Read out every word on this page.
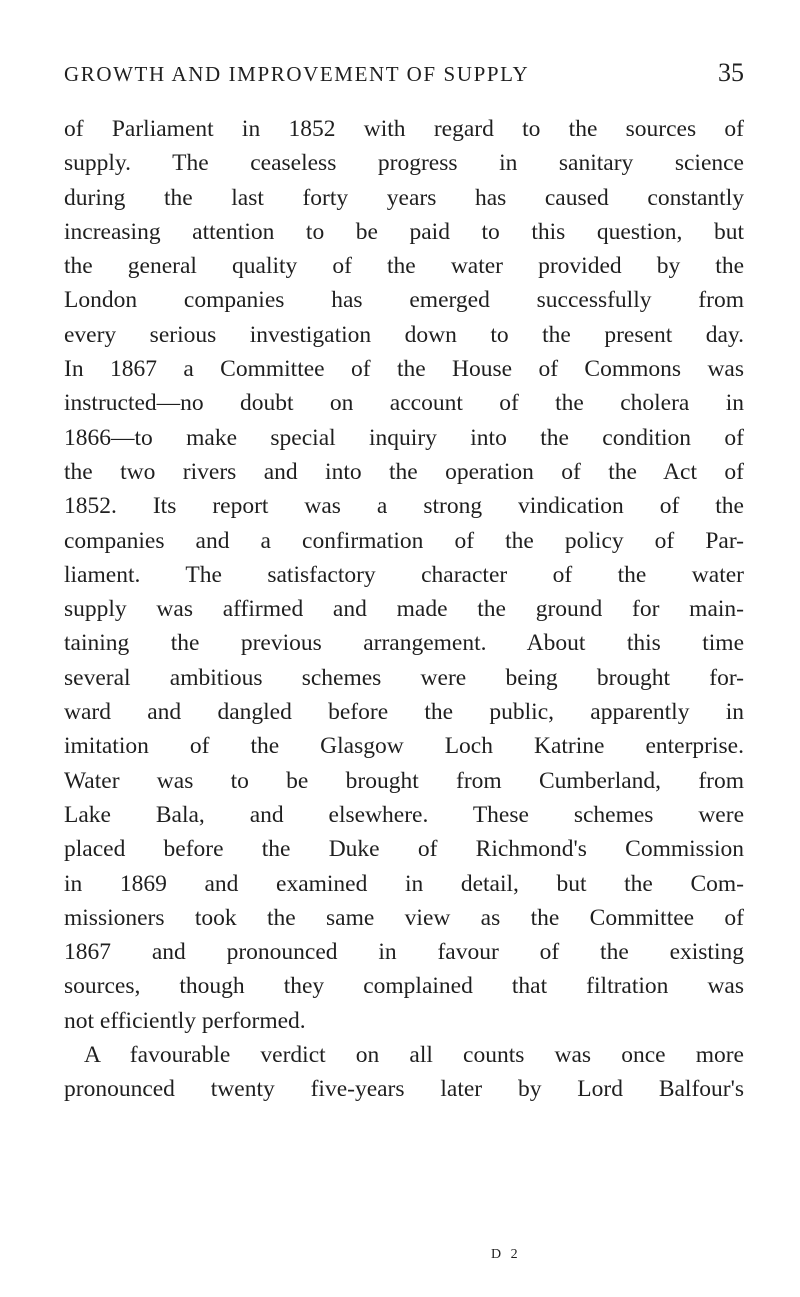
GROWTH AND IMPROVEMENT OF SUPPLY	35
of Parliament in 1852 with regard to the sources of
supply. The ceaseless progress in sanitary science
during the last forty years has caused constantly
increasing attention to be paid to this question, but
the general quality of the water provided by the
London companies has emerged successfully from
every serious investigation down to the present day.
In 1867 a Committee of the House of Commons was
instructed—no doubt on account of the cholera in
1866—to make special inquiry into the condition of
the two rivers and into the operation of the Act of
1852. Its report was a strong vindication of the
companies and a confirmation of the policy of Par-
liament. The satisfactory character of the water
supply was affirmed and made the ground for main-
taining the previous arrangement. About this time
several ambitious schemes were being brought for-
ward and dangled before the public, apparently in
imitation of the Glasgow Loch Katrine enterprise.
Water was to be brought from Cumberland, from
Lake Bala, and elsewhere. These schemes were
placed before the Duke of Richmond's Commission
in 1869 and examined in detail, but the Com-
missioners took the same view as the Committee of
1867 and pronounced in favour of the existing
sources, though they complained that filtration was
not efficiently performed.
A favourable verdict on all counts was once more
pronounced twenty five-years later by Lord Balfour's
D 2
